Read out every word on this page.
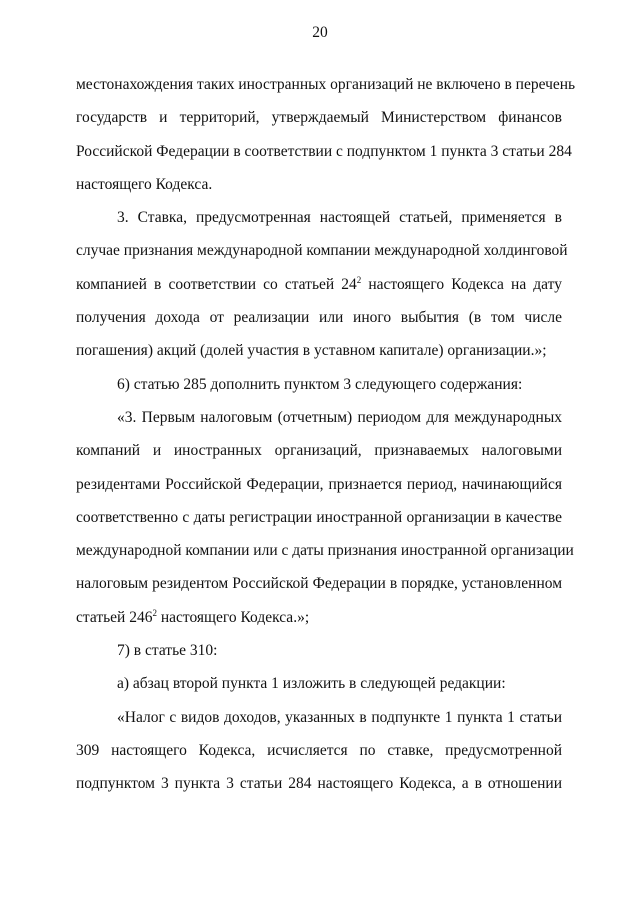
20
местонахождения таких иностранных организаций не включено в перечень
государств и территорий, утверждаемый Министерством финансов
Российской Федерации в соответствии с подпунктом 1 пункта 3 статьи 284
настоящего Кодекса.
3. Ставка, предусмотренная настоящей статьей, применяется в
случае признания международной компании международной холдинговой
компанией в соответствии со статьей $24^2$ настоящего Кодекса на дату
получения дохода от реализации или иного выбытия (в том числе
погашения) акций (долей участия в уставном капитале) организации.»;
6) статью 285 дополнить пунктом 3 следующего содержания:
«3. Первым налоговым (отчетным) периодом для международных
компаний и иностранных организаций, признаваемых налоговыми
резидентами Российской Федерации, признается период, начинающийся
соответственно с даты регистрации иностранной организации в качестве
международной компании или с даты признания иностранной организации
налоговым резидентом Российской Федерации в порядке, установленном
статьей $246^2$ настоящего Кодекса.»;
7) в статье 310:
а) абзац второй пункта 1 изложить в следующей редакции:
«Налог с видов доходов, указанных в подпункте 1 пункта 1 статьи
309 настоящего Кодекса, исчисляется по ставке, предусмотренной
подпунктом 3 пункта 3 статьи 284 настоящего Кодекса, а в отношении
